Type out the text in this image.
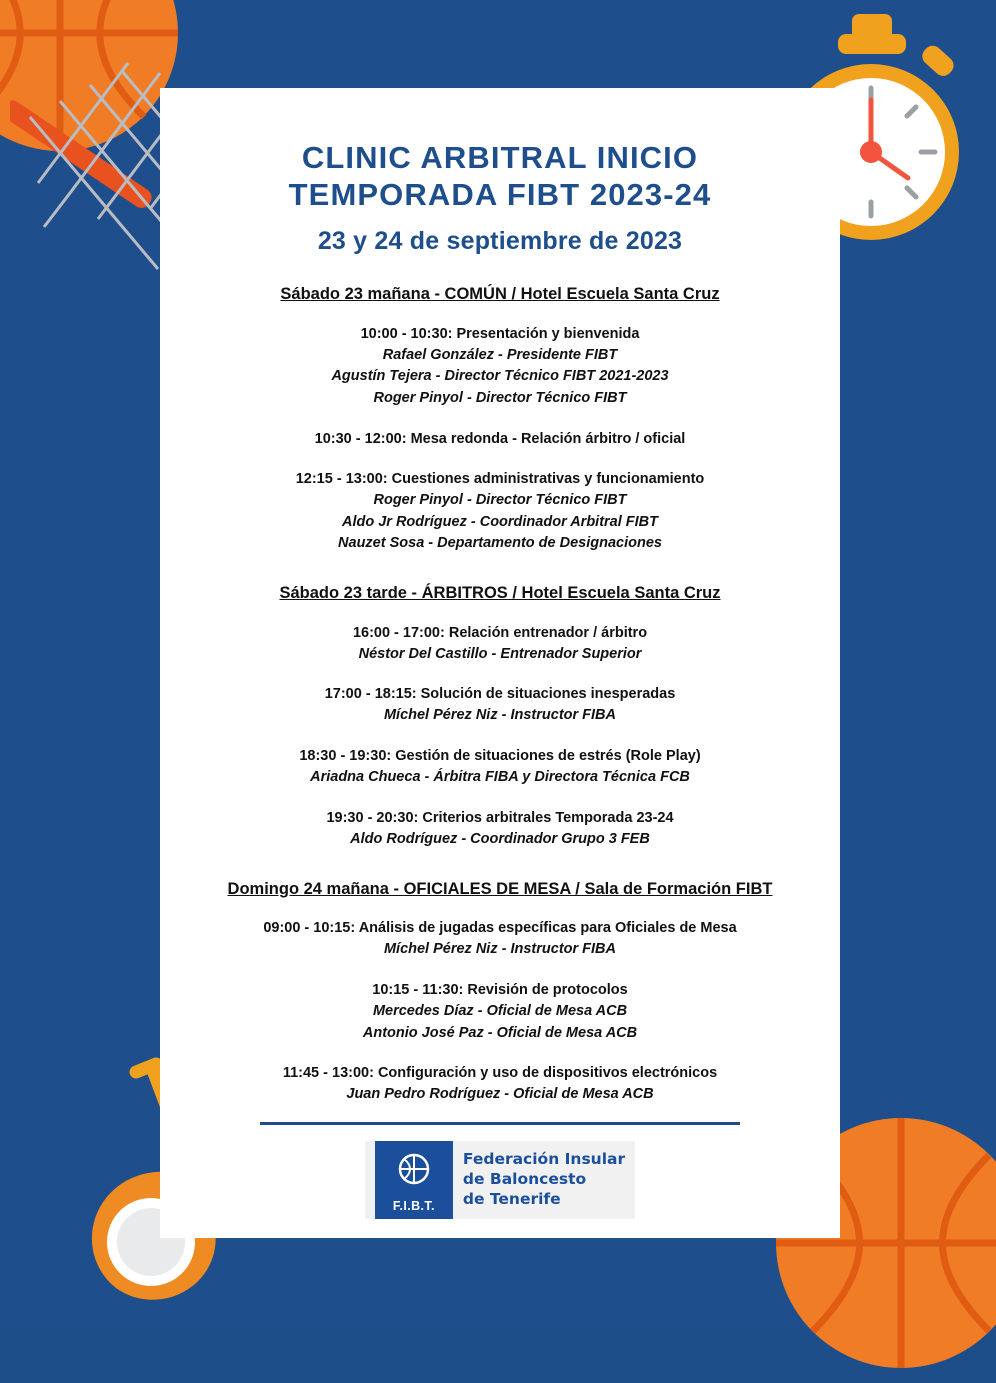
CLINIC ARBITRAL INICIO
TEMPORADA FIBT 2023-24
23 y 24 de septiembre de 2023
Sábado 23 mañana - COMÚN / Hotel Escuela Santa Cruz
10:00 - 10:30: Presentación y bienvenida
Rafael González - Presidente FIBT
Agustín Tejera - Director Técnico FIBT 2021-2023
Roger Pinyol - Director Técnico FIBT
10:30 - 12:00: Mesa redonda - Relación árbitro / oficial
12:15 - 13:00: Cuestiones administrativas y funcionamiento
Roger Pinyol - Director Técnico FIBT
Aldo Jr Rodríguez - Coordinador Arbitral FIBT
Nauzet Sosa - Departamento de Designaciones
Sábado 23 tarde - ÁRBITROS / Hotel Escuela Santa Cruz
16:00 - 17:00: Relación entrenador / árbitro
Néstor Del Castillo - Entrenador Superior
17:00 - 18:15: Solución de situaciones inesperadas
Míchel Pérez Niz - Instructor FIBA
18:30 - 19:30: Gestión de situaciones de estrés (Role Play)
Ariadna Chueca - Árbitra FIBA y Directora Técnica FCB
19:30 - 20:30: Criterios arbitrales Temporada 23-24
Aldo Rodríguez - Coordinador Grupo 3 FEB
Domingo 24 mañana - OFICIALES DE MESA / Sala de Formación FIBT
09:00 - 10:15: Análisis de jugadas específicas para Oficiales de Mesa
Míchel Pérez Niz - Instructor FIBA
10:15 - 11:30: Revisión de protocolos
Mercedes Díaz - Oficial de Mesa ACB
Antonio José Paz - Oficial de Mesa ACB
11:45 - 13:00: Configuración y uso de dispositivos electrónicos
Juan Pedro Rodríguez - Oficial de Mesa ACB
F.I.B.T.
Federación Insular
de Baloncesto
de Tenerife
